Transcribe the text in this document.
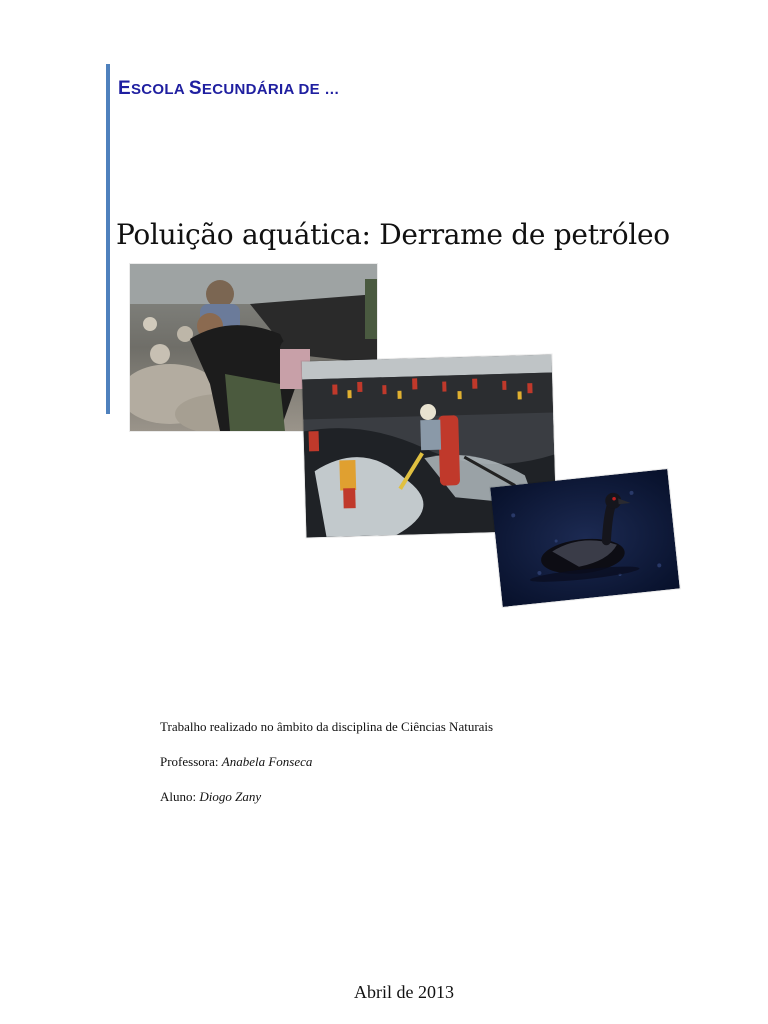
ESCOLA SECUNDÁRIA DE …
Poluição aquática: Derrame de petróleo

Trabalho realizado no âmbito da disciplina de Ciências Naturais

Professora: Anabela Fonseca

Aluno: Diogo Zany

Abril de 2013
